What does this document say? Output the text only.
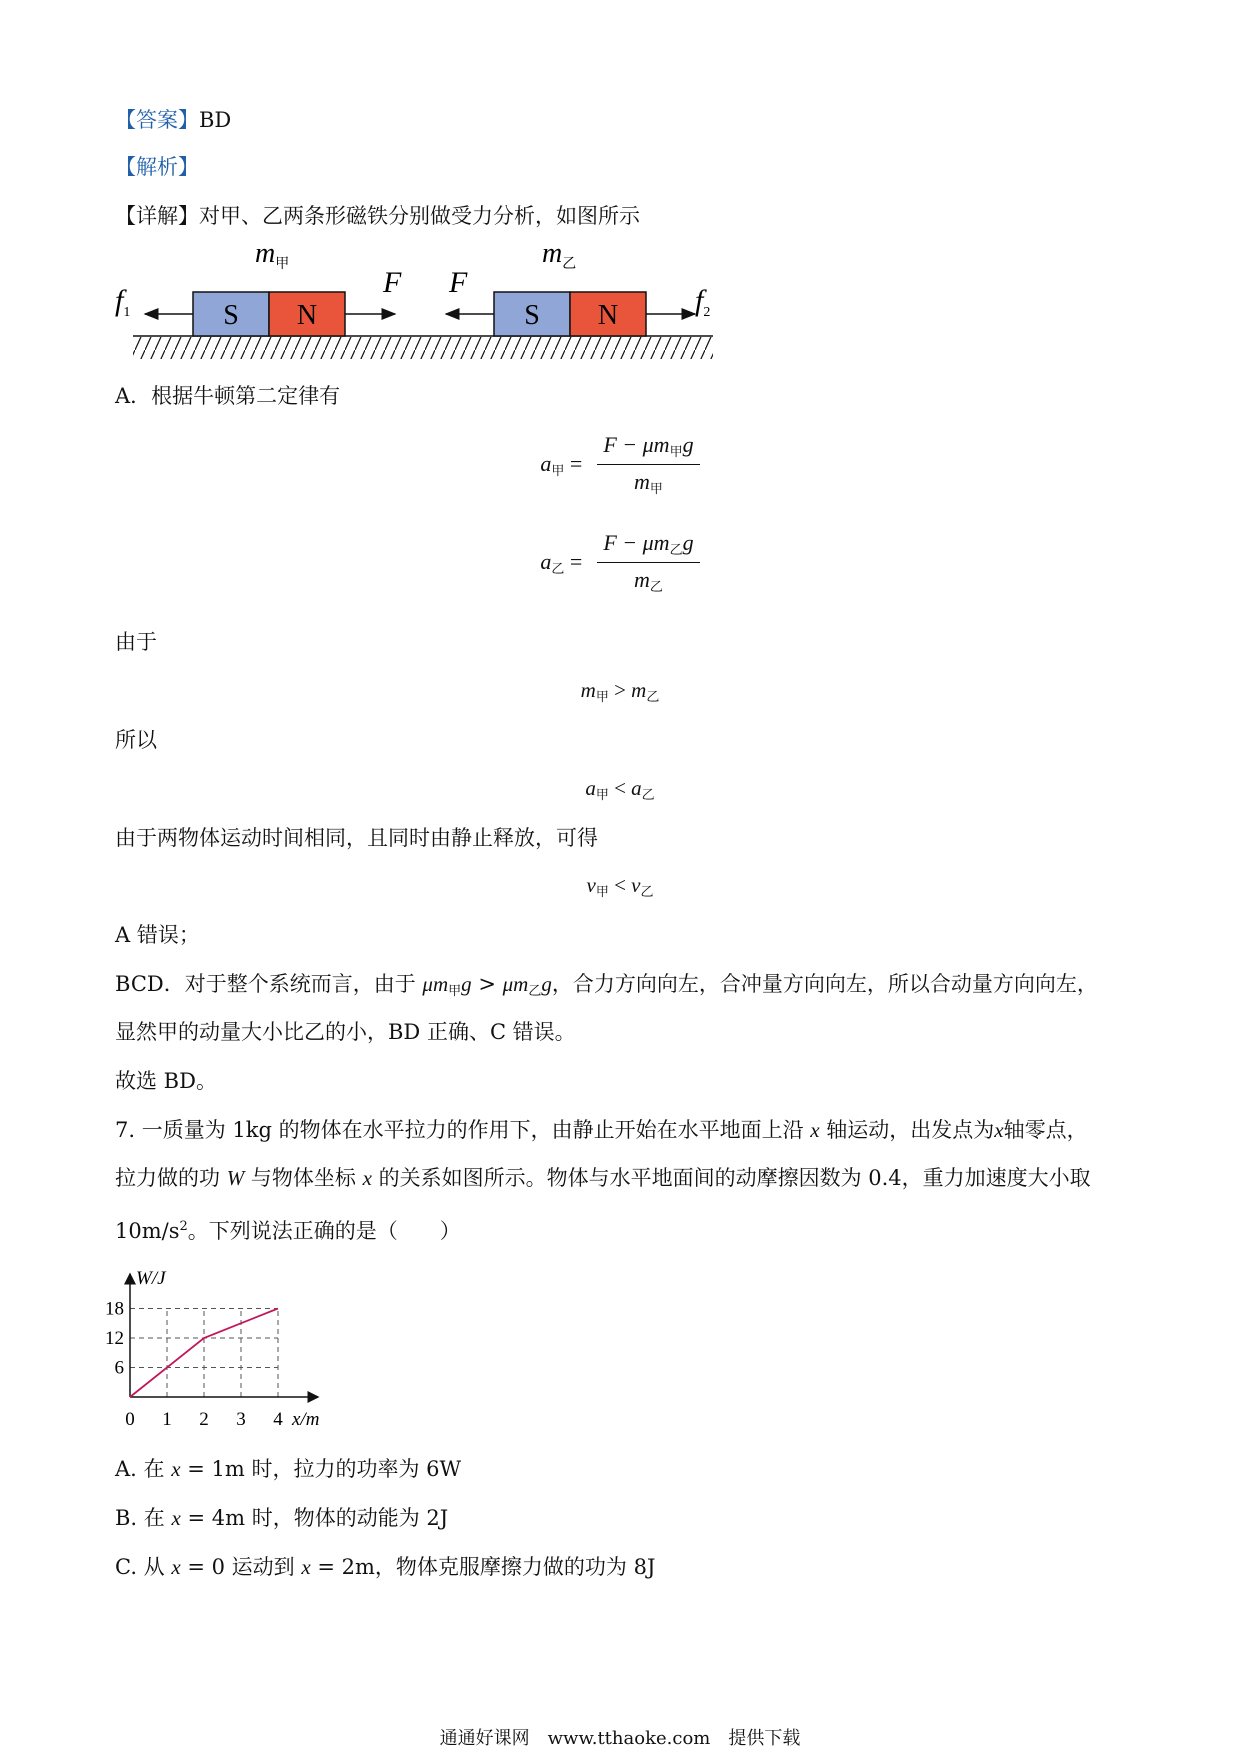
【答案】BD
【解析】
【详解】对甲、乙两条形磁铁分别做受力分析，如图所示
S N	S N
$f_1$
F F
$f_2$
$m_甲$	$m_乙$
A．根据牛顿第二定律有
$a_甲 = \frac{F - \mu m_甲g}{m_甲}$
$a_乙 = \frac{F - \mu m_乙g}{m_乙}$
由于
$m_甲 > m_乙$
所以
$a_甲 < a_乙$
由于两物体运动时间相同，且同时由静止释放，可得
$v_甲 < v_乙$
A 错误；
BCD．对于整个系统而言，由于 $\mu m_甲g > \mu m_乙g$，合力方向向左，合冲量方向向左，所以合动量方向向左，
显然甲的动量大小比乙的小，BD 正确、C 错误。
故选 BD。
7. 一质量为 1kg 的物体在水平拉力的作用下，由静止开始在水平地面上沿 x 轴运动，出发点为x轴零点，
拉力做的功 W 与物体坐标 x 的关系如图所示。物体与水平地面间的动摩擦因数为 0.4，重力加速度大小取
$10m/s^2$。下列说法正确的是（　　）
0 1 2 3 4
6
12
18
W/J
x/m
A. 在 x = 1m 时，拉力的功率为 6W
B. 在 x = 4m 时，物体的动能为 2J
C. 从 x = 0 运动到 x = 2m，物体克服摩擦力做的功为 8J
通通好课网　www.tthaoke.com　提供下载
